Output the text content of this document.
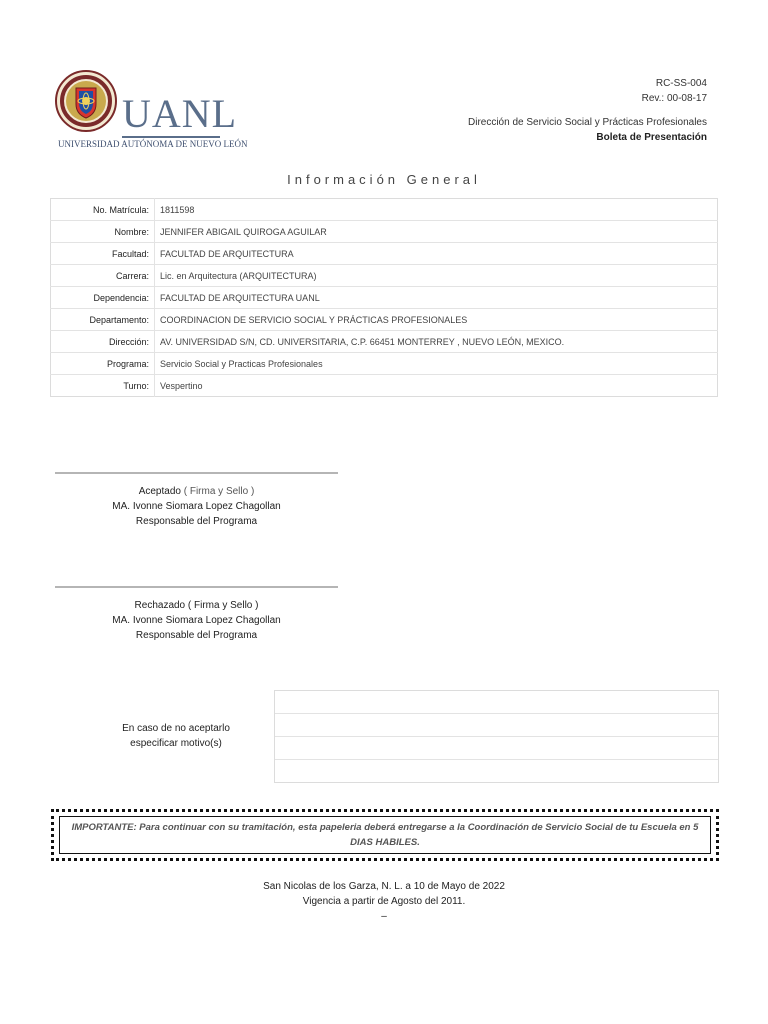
UANL
UNIVERSIDAD AUTÓNOMA DE NUEVO LEÓN
RC-SS-004
Rev.: 00-08-17
Dirección de Servicio Social y Prácticas Profesionales
Boleta de Presentación
Información General
No. Matrícula:	1811598
Nombre:	JENNIFER ABIGAIL QUIROGA AGUILAR
Facultad:	FACULTAD DE ARQUITECTURA
Carrera:	Lic. en Arquitectura (ARQUITECTURA)
Dependencia:	FACULTAD DE ARQUITECTURA UANL
Departamento:	COORDINACION DE SERVICIO SOCIAL Y PRÁCTICAS PROFESIONALES
Dirección:	AV. UNIVERSIDAD S/N, CD. UNIVERSITARIA, C.P. 66451 MONTERREY , NUEVO LEÓN, MEXICO.
Programa:	Servicio Social y Practicas Profesionales
Turno:	Vespertino
Aceptado ( Firma y Sello )
MA. Ivonne Siomara Lopez Chagollan
Responsable del Programa
Rechazado ( Firma y Sello )
MA. Ivonne Siomara Lopez Chagollan
Responsable del Programa
En caso de no aceptarlo
especificar motivo(s)
IMPORTANTE: Para continuar con su tramitación, esta papeleria deberá entregarse a la Coordinación de Servicio Social de tu Escuela en 5 DIAS HABILES.
San Nicolas de los Garza, N. L. a 10 de Mayo de 2022
Vigencia a partir de Agosto del 2011.
–
